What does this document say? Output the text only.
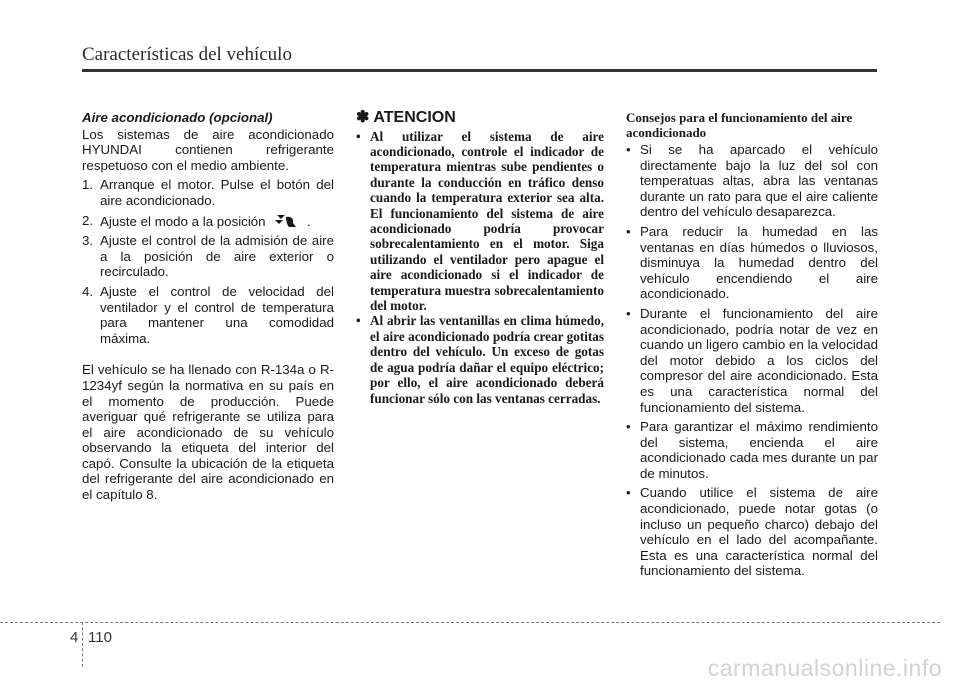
Características del vehículo

Aire acondicionado (opcional)

Los sistemas de aire acondicionado HYUNDAI contienen refrigerante respetuoso con el medio ambiente.

1. Arranque el motor. Pulse el botón del aire acondicionado.
2. Ajuste el modo a la posición	.
3. Ajuste el control de la admisión de aire a la posición de aire exterior o recirculado.
4. Ajuste el control de velocidad del ventilador y el control de temperatura para mantener una comodidad máxima.

El vehículo se ha llenado con R-134a o R-1234yf según la normativa en su país en el momento de producción. Puede averiguar qué refrigerante se utiliza para el aire acondicionado de su vehículo observando la etiqueta del interior del capó. Consulte la ubicación de la etiqueta del refrigerante del aire acondicionado en el capítulo 8.

✽ ATENCION
• Al utilizar el sistema de aire acondicionado, controle el indicador de temperatura mientras sube pendientes o durante la conducción en tráfico denso cuando la temperatura exterior sea alta. El funcionamiento del sistema de aire acondicionado podría provocar sobrecalentamiento en el motor. Siga utilizando el ventilador pero apague el aire acondicionado si el indicador de temperatura muestra sobrecalentamiento del motor.
• Al abrir las ventanillas en clima húmedo, el aire acondicionado podría crear gotitas dentro del vehículo. Un exceso de gotas de agua podría dañar el equipo eléctrico; por ello, el aire acondicionado deberá funcionar sólo con las ventanas cerradas.

Consejos para el funcionamiento del aire acondicionado

• Si se ha aparcado el vehículo directamente bajo la luz del sol con temperatuas altas, abra las ventanas durante un rato para que el aire caliente dentro del vehículo desaparezca.
• Para reducir la humedad en las ventanas en días húmedos o lluviosos, disminuya la humedad dentro del vehículo encendiendo el aire acondicionado.
• Durante el funcionamiento del aire acondicionado, podría notar de vez en cuando un ligero cambio en la velocidad del motor debido a los ciclos del compresor del aire acondicionado. Esta es una característica normal del funcionamiento del sistema.
• Para garantizar el máximo rendimiento del sistema, encienda el aire acondicionado cada mes durante un par de minutos.
• Cuando utilice el sistema de aire acondicionado, puede notar gotas (o incluso un pequeño charco) debajo del vehículo en el lado del acompañante. Esta es una característica normal del funcionamiento del sistema.
4 110
carmanualsonline.info
